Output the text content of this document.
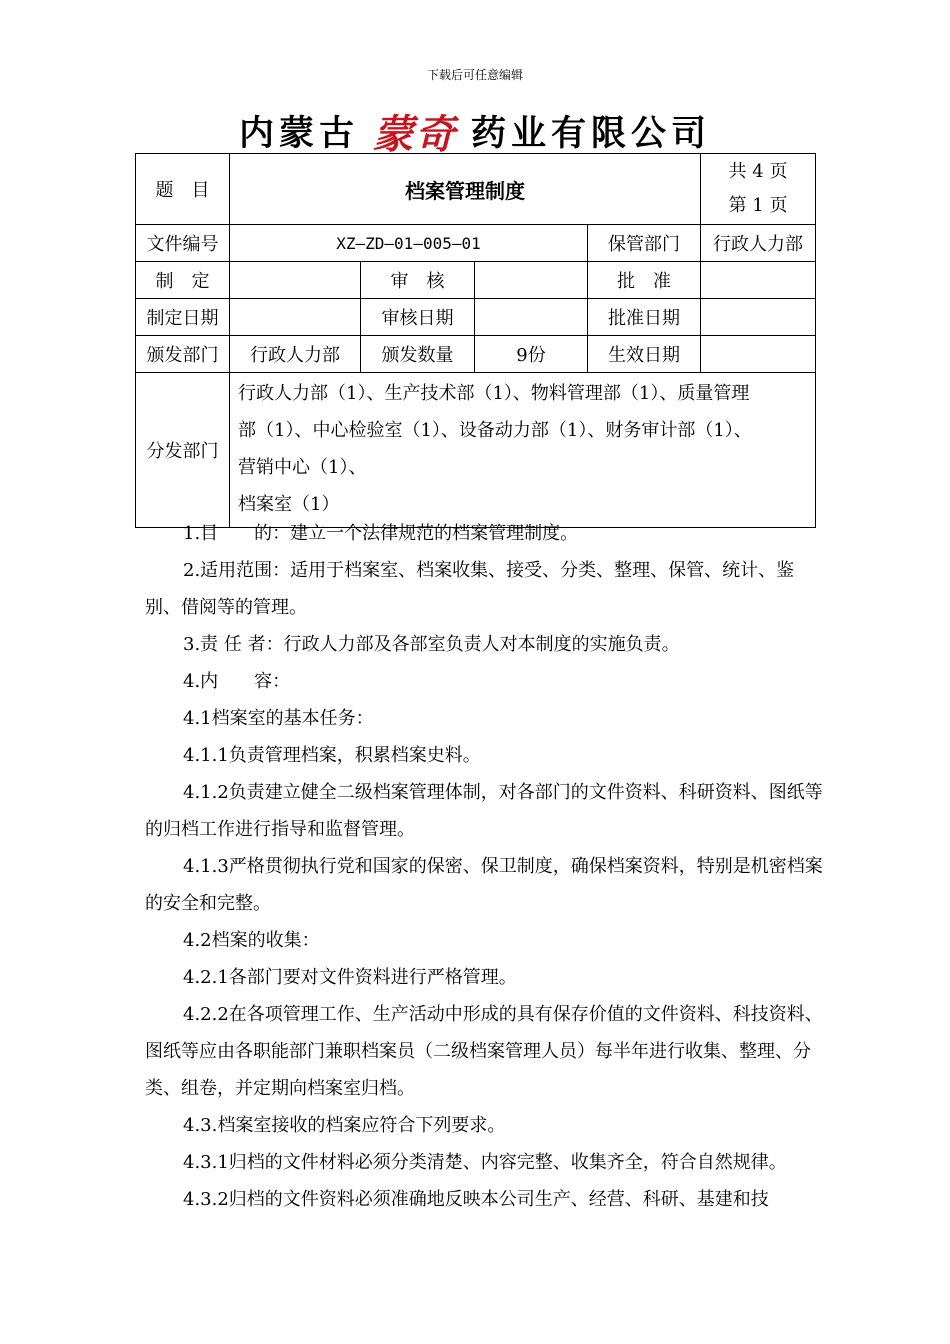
下载后可任意编辑
内蒙古 蒙奇 药业有限公司
题　目	档案管理制度				共 4 页
第 1 页

文件编号	XZ—ZD—01—005—01			保管部门	行政人力部
制　定		审　核		批　准	
制定日期		审核日期		批准日期	
颁发部门	行政人力部	颁发数量	9份	生效日期	
分发部门	行政人力部（1）、生产技术部（1）、物料管理部（1）、质量管理
部（1）、中心检验室（1）、设备动力部（1）、财务审计部（1）、
营销中心（1）、
档案室（1）				

1.目　　的：建立一个法律规范的档案管理制度。

2.适用范围：适用于档案室、档案收集、接受、分类、整理、保管、统计、鉴别、借阅等的管理。

3.责 任 者：行政人力部及各部室负责人对本制度的实施负责。

4.内　　容：

4.1档案室的基本任务：

4.1.1负责管理档案，积累档案史料。

4.1.2负责建立健全二级档案管理体制，对各部门的文件资料、科研资料、图纸等的归档工作进行指导和监督管理。

4.1.3严格贯彻执行党和国家的保密、保卫制度，确保档案资料，特别是机密档案的安全和完整。

4.2档案的收集：

4.2.1各部门要对文件资料进行严格管理。

4.2.2在各项管理工作、生产活动中形成的具有保存价值的文件资料、科技资料、图纸等应由各职能部门兼职档案员（二级档案管理人员）每半年进行收集、整理、分类、组卷，并定期向档案室归档。

4.3.档案室接收的档案应符合下列要求。

4.3.1归档的文件材料必须分类清楚、内容完整、收集齐全，符合自然规律。

4.3.2归档的文件资料必须准确地反映本公司生产、经营、科研、基建和技
